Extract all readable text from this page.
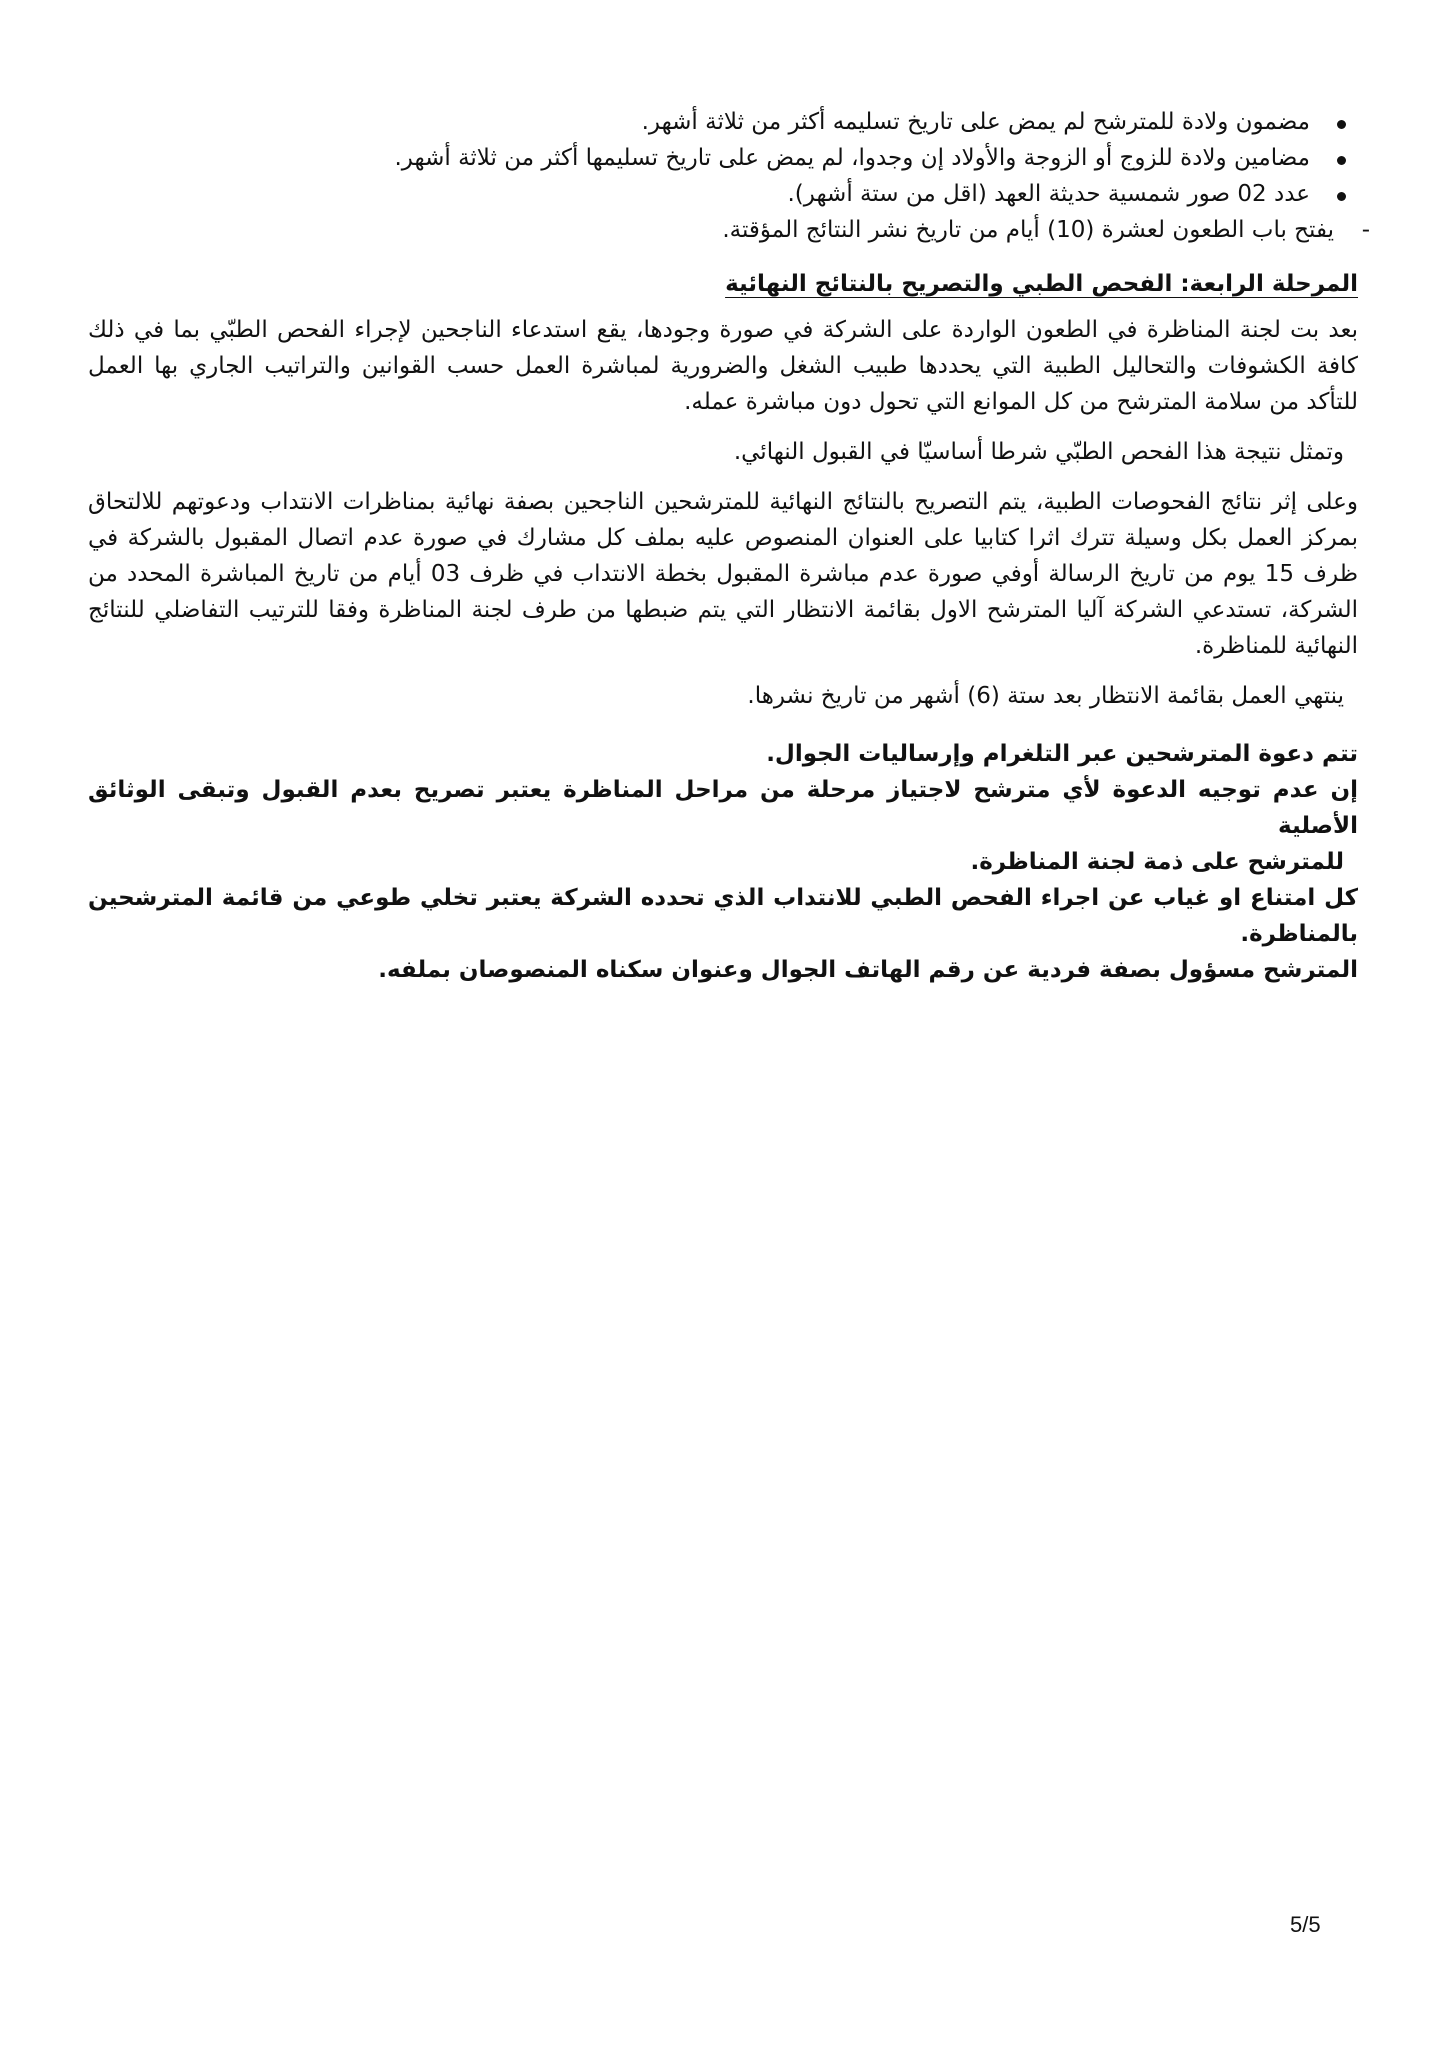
مضمون ولادة للمترشح لم يمض على تاريخ تسليمه أكثر من ثلاثة أشهر.
مضامين ولادة للزوج أو الزوجة والأولاد إن وجدوا، لم يمض على تاريخ تسليمها أكثر من ثلاثة أشهر.
عدد 02 صور شمسية حديثة العهد (اقل من ستة أشهر).

-
يفتح باب الطعون لعشرة (10) أيام من تاريخ نشر النتائج المؤقتة.

المرحلة الرابعة: الفحص الطبي والتصريح بالنتائج النهائية

بعد بت لجنة المناظرة في الطعون الواردة على الشركة في صورة وجودها، يقع استدعاء الناجحين لإجراء الفحص الطبّي بما في ذلك كافة الكشوفات والتحاليل الطبية التي يحددها طبيب الشغل والضرورية لمباشرة العمل حسب القوانين والتراتيب الجاري بها العمل للتأكد من سلامة المترشح من كل الموانع التي تحول دون مباشرة عمله.

وتمثل نتيجة هذا الفحص الطبّي شرطا أساسيّا في القبول النهائي.

وعلى إثر نتائج الفحوصات الطبية، يتم التصريح بالنتائج النهائية للمترشحين الناجحين بصفة نهائية بمناظرات الانتداب ودعوتهم للالتحاق بمركز العمل بكل وسيلة تترك اثرا كتابيا على العنوان المنصوص عليه بملف كل مشارك في صورة عدم اتصال المقبول بالشركة في ظرف 15 يوم من تاريخ الرسالة أوفي صورة عدم مباشرة المقبول بخطة الانتداب في ظرف 03 أيام من تاريخ المباشرة المحدد من الشركة، تستدعي الشركة آليا المترشح الاول بقائمة الانتظار التي يتم ضبطها من طرف لجنة المناظرة وفقا للترتيب التفاضلي للنتائج النهائية للمناظرة.

ينتهي العمل بقائمة الانتظار بعد ستة (6) أشهر من تاريخ نشرها.

تتم دعوة المترشحين عبر التلغرام وإرساليات الجوال.

إن عدم توجيه الدعوة لأي مترشح لاجتياز مرحلة من مراحل المناظرة يعتبر تصريح بعدم القبول وتبقى الوثائق الأصلية

للمترشح على ذمة لجنة المناظرة.

كل امتناع او غياب عن اجراء الفحص الطبي للانتداب الذي تحدده الشركة يعتبر تخلي طوعي من قائمة المترشحين بالمناظرة.

المترشح مسؤول بصفة فردية عن رقم الهاتف الجوال وعنوان سكناه المنصوصان بملفه.

5/5
